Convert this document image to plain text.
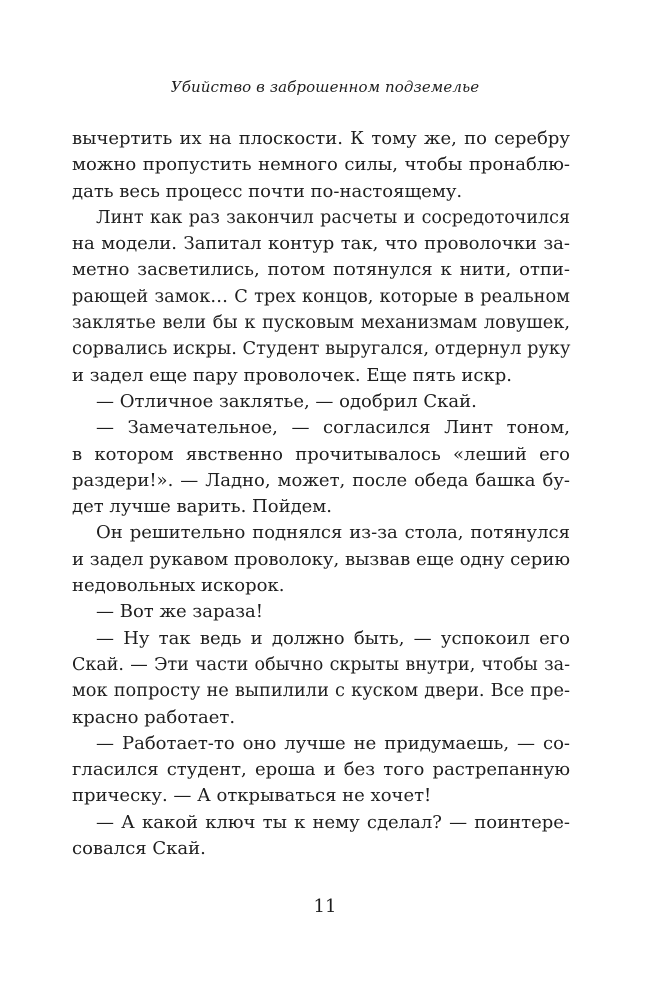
Убийство в заброшенном подземелье
вычертить их на плоскости. К тому же, по серебру
можно пропустить немного силы, чтобы пронаблю-
дать весь процесс почти по-настоящему.
Линт как раз закончил расчеты и сосредоточился
на модели. Запитал контур так, что проволочки за-
метно засветились, потом потянулся к нити, отпи-
рающей замок… С трех концов, которые в реальном
заклятье вели бы к пусковым механизмам ловушек,
сорвались искры. Студент выругался, отдернул руку
и задел еще пару проволочек. Еще пять искр.
— Отличное заклятье, — одобрил Скай.
— Замечательное, — согласился Линт тоном,
в котором явственно прочитывалось «леший его
раздери!». — Ладно, может, после обеда башка бу-
дет лучше варить. Пойдем.
Он решительно поднялся из-за стола, потянулся
и задел рукавом проволоку, вызвав еще одну серию
недовольных искорок.
— Вот же зараза!
— Ну так ведь и должно быть, — успокоил его
Скай. — Эти части обычно скрыты внутри, чтобы за-
мок попросту не выпилили с куском двери. Все пре-
красно работает.
— Работает-то оно лучше не придумаешь, — со-
гласился студент, ероша и без того растрепанную
прическу. — А открываться не хочет!
— А какой ключ ты к нему сделал? — поинтере-
совался Скай.
11
